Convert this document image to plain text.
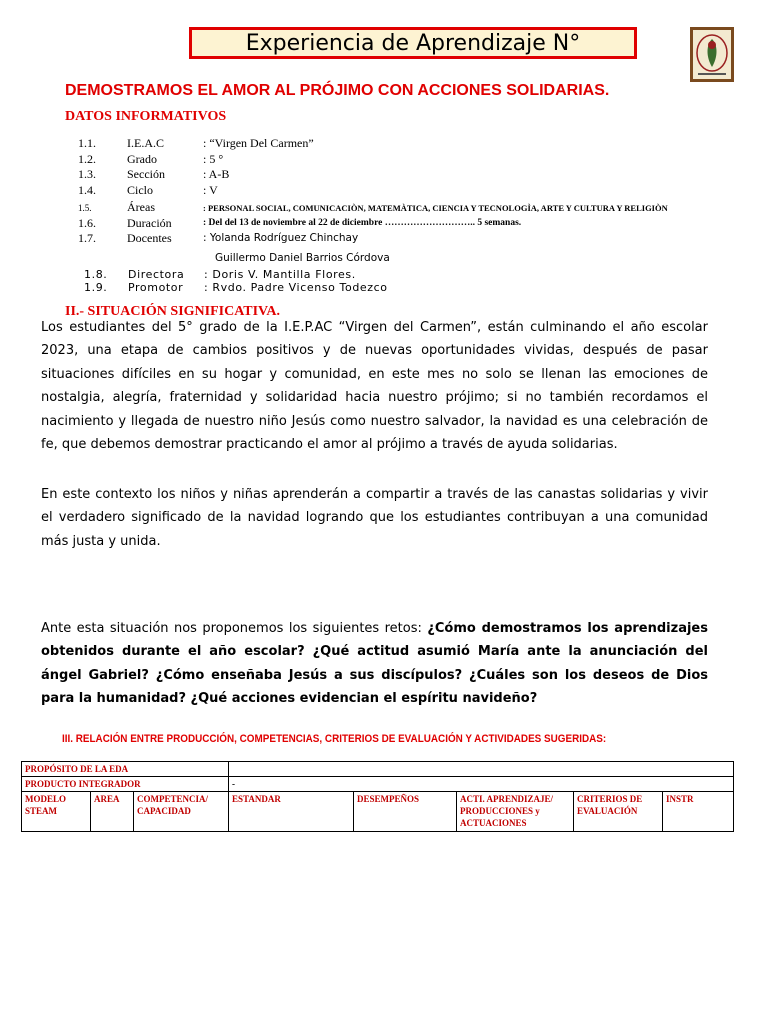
Experiencia de Aprendizaje N°
DEMOSTRAMOS EL AMOR AL PRÓJIMO CON ACCIONES SOLIDARIAS.
DATOS INFORMATIVOS
1.1.	I.E.A.C	: “Virgen Del Carmen”
1.2.	Grado	: 5 °
1.3.	Sección	: A-B
1.4.	Ciclo	: V
1.5.	Áreas	: PERSONAL SOCIAL, COMUNICACIÒN, MATEMÀTICA, CIENCIA Y TECNOLOGÌA, ARTE Y CULTURA Y RELIGIÒN
1.6.	Duración	: Del del 13 de noviembre al 22 de diciembre ……………………….. 5 semanas.
1.7.	Docentes	: Yolanda Rodríguez Chinchay
Guillermo Daniel Barrios Córdova
1.8. Directora : Doris V. Mantilla Flores.
1.9. Promotor : Rvdo. Padre Vicenso Todezco
II.- SITUACIÓN SIGNIFICATIVA.

Los estudiantes del 5° grado de la I.E.P.AC “Virgen del Carmen”, están culminando el año escolar 2023, una etapa de cambios positivos y de nuevas oportunidades vividas, después de pasar situaciones difíciles en su hogar y comunidad, en este mes no solo se llenan las emociones de nostalgia, alegría, fraternidad y solidaridad hacia nuestro prójimo; si no también recordamos el nacimiento y llegada de nuestro niño Jesús como nuestro salvador, la navidad es una celebración de fe, que debemos demostrar practicando el amor al prójimo a través de ayuda solidarias.

En este contexto los niños y niñas aprenderán a compartir a través de las canastas solidarias y vivir el verdadero significado de la navidad logrando que los estudiantes contribuyan a una comunidad más justa y unida.

Ante esta situación nos proponemos los siguientes retos: ¿Cómo demostramos los aprendizajes obtenidos durante el año escolar? ¿Qué actitud asumió María ante la anunciación del ángel Gabriel? ¿Cómo enseñaba Jesús a sus discípulos? ¿Cuáles son los deseos de Dios para la humanidad? ¿Qué acciones evidencian el espíritu navideño?

III. RELACIÓN ENTRE PRODUCCIÓN, COMPETENCIAS, CRITERIOS DE EVALUACIÓN Y ACTIVIDADES SUGERIDAS:
PROPÓSITO DE LA EDA							
PRODUCTO INTEGRADOR			-				
MODELO STEAM	AREA	COMPETENCIA/ CAPACIDAD	ESTANDAR	DESEMPEÑOS	ACTI. APRENDIZAJE/ PRODUCCIONES y ACTUACIONES	CRITERIOS DE EVALUACIÓN	INSTR
